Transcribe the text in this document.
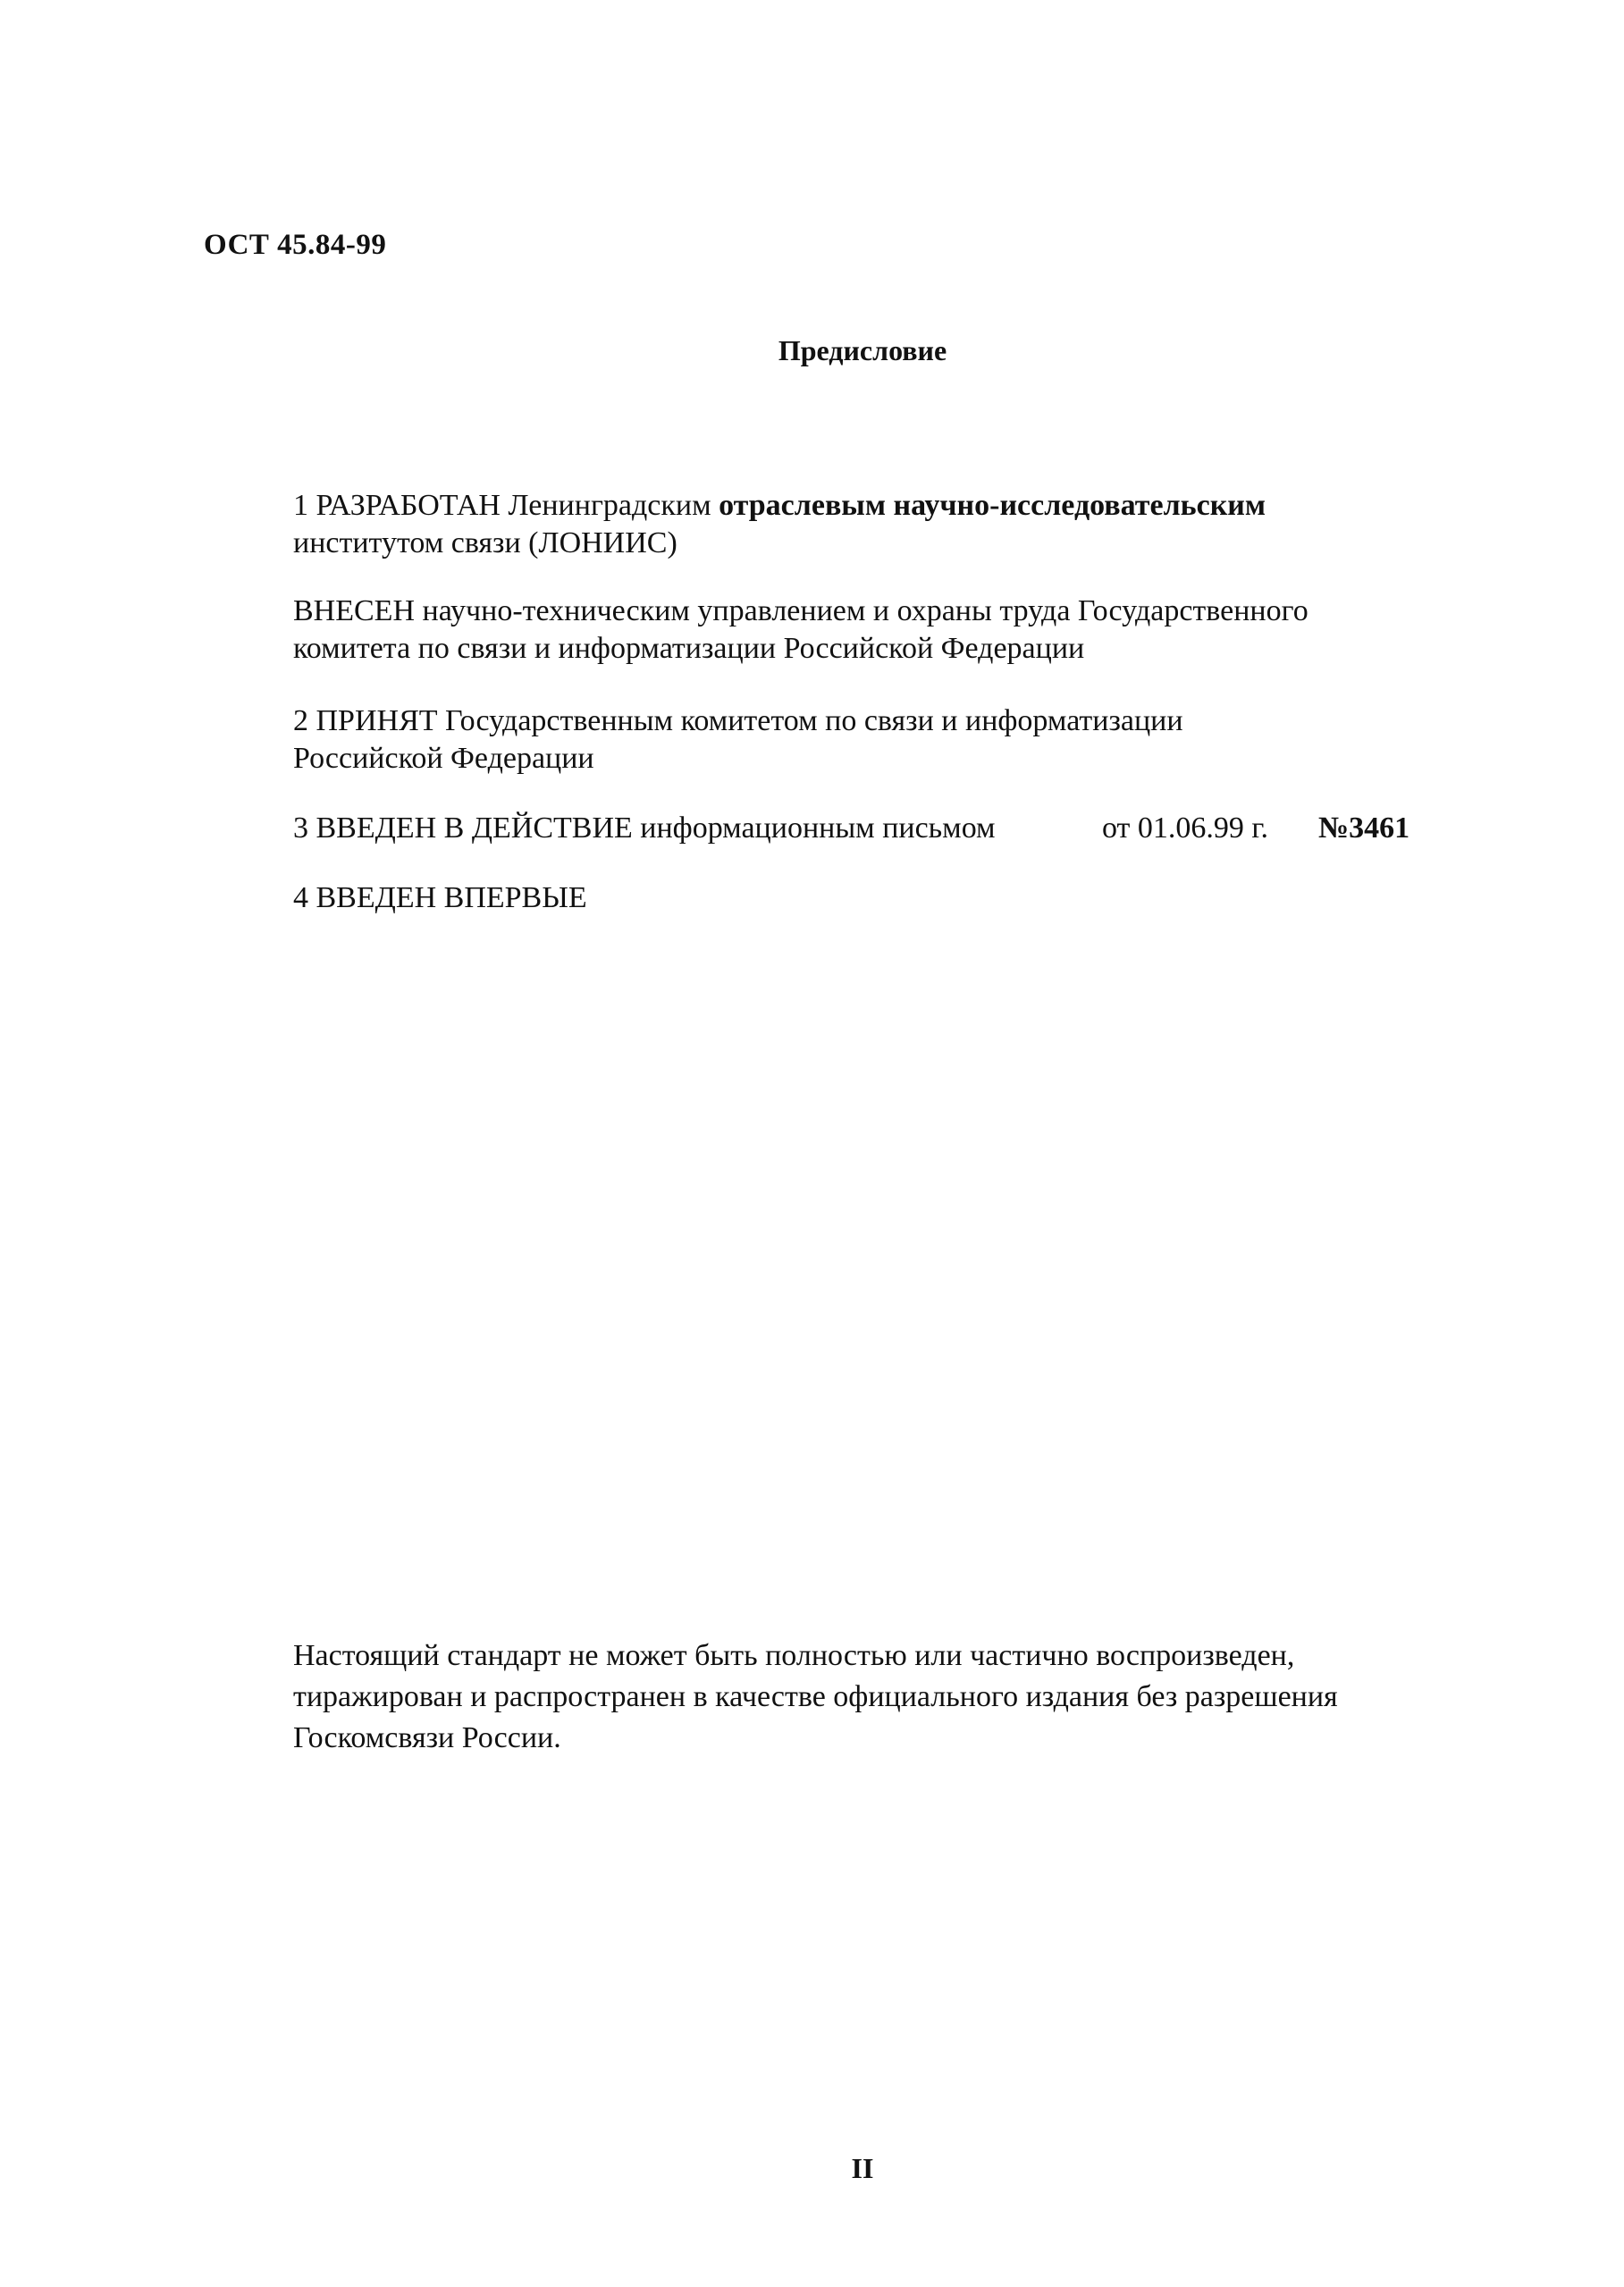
ОСТ 45.84-99
Предисловие
1 РАЗРАБОТАН Ленинградским отраслевым научно-исследовательским
институтом связи (ЛОНИИС)
ВНЕСЕН научно-техническим управлением и охраны труда Государственного
комитета по связи и информатизации Российской Федерации
2 ПРИНЯТ Государственным комитетом по связи и информатизации
Российской Федерации
3 ВВЕДЕН В ДЕЙСТВИЕ информационным письмом	от 01.06.99 г. №3461
4 ВВЕДЕН ВПЕРВЫЕ
Настоящий стандарт не может быть полностью или частично воспроизведен,
тиражирован и распространен в качестве официального издания без разрешения
Госкомсвязи России.
II
